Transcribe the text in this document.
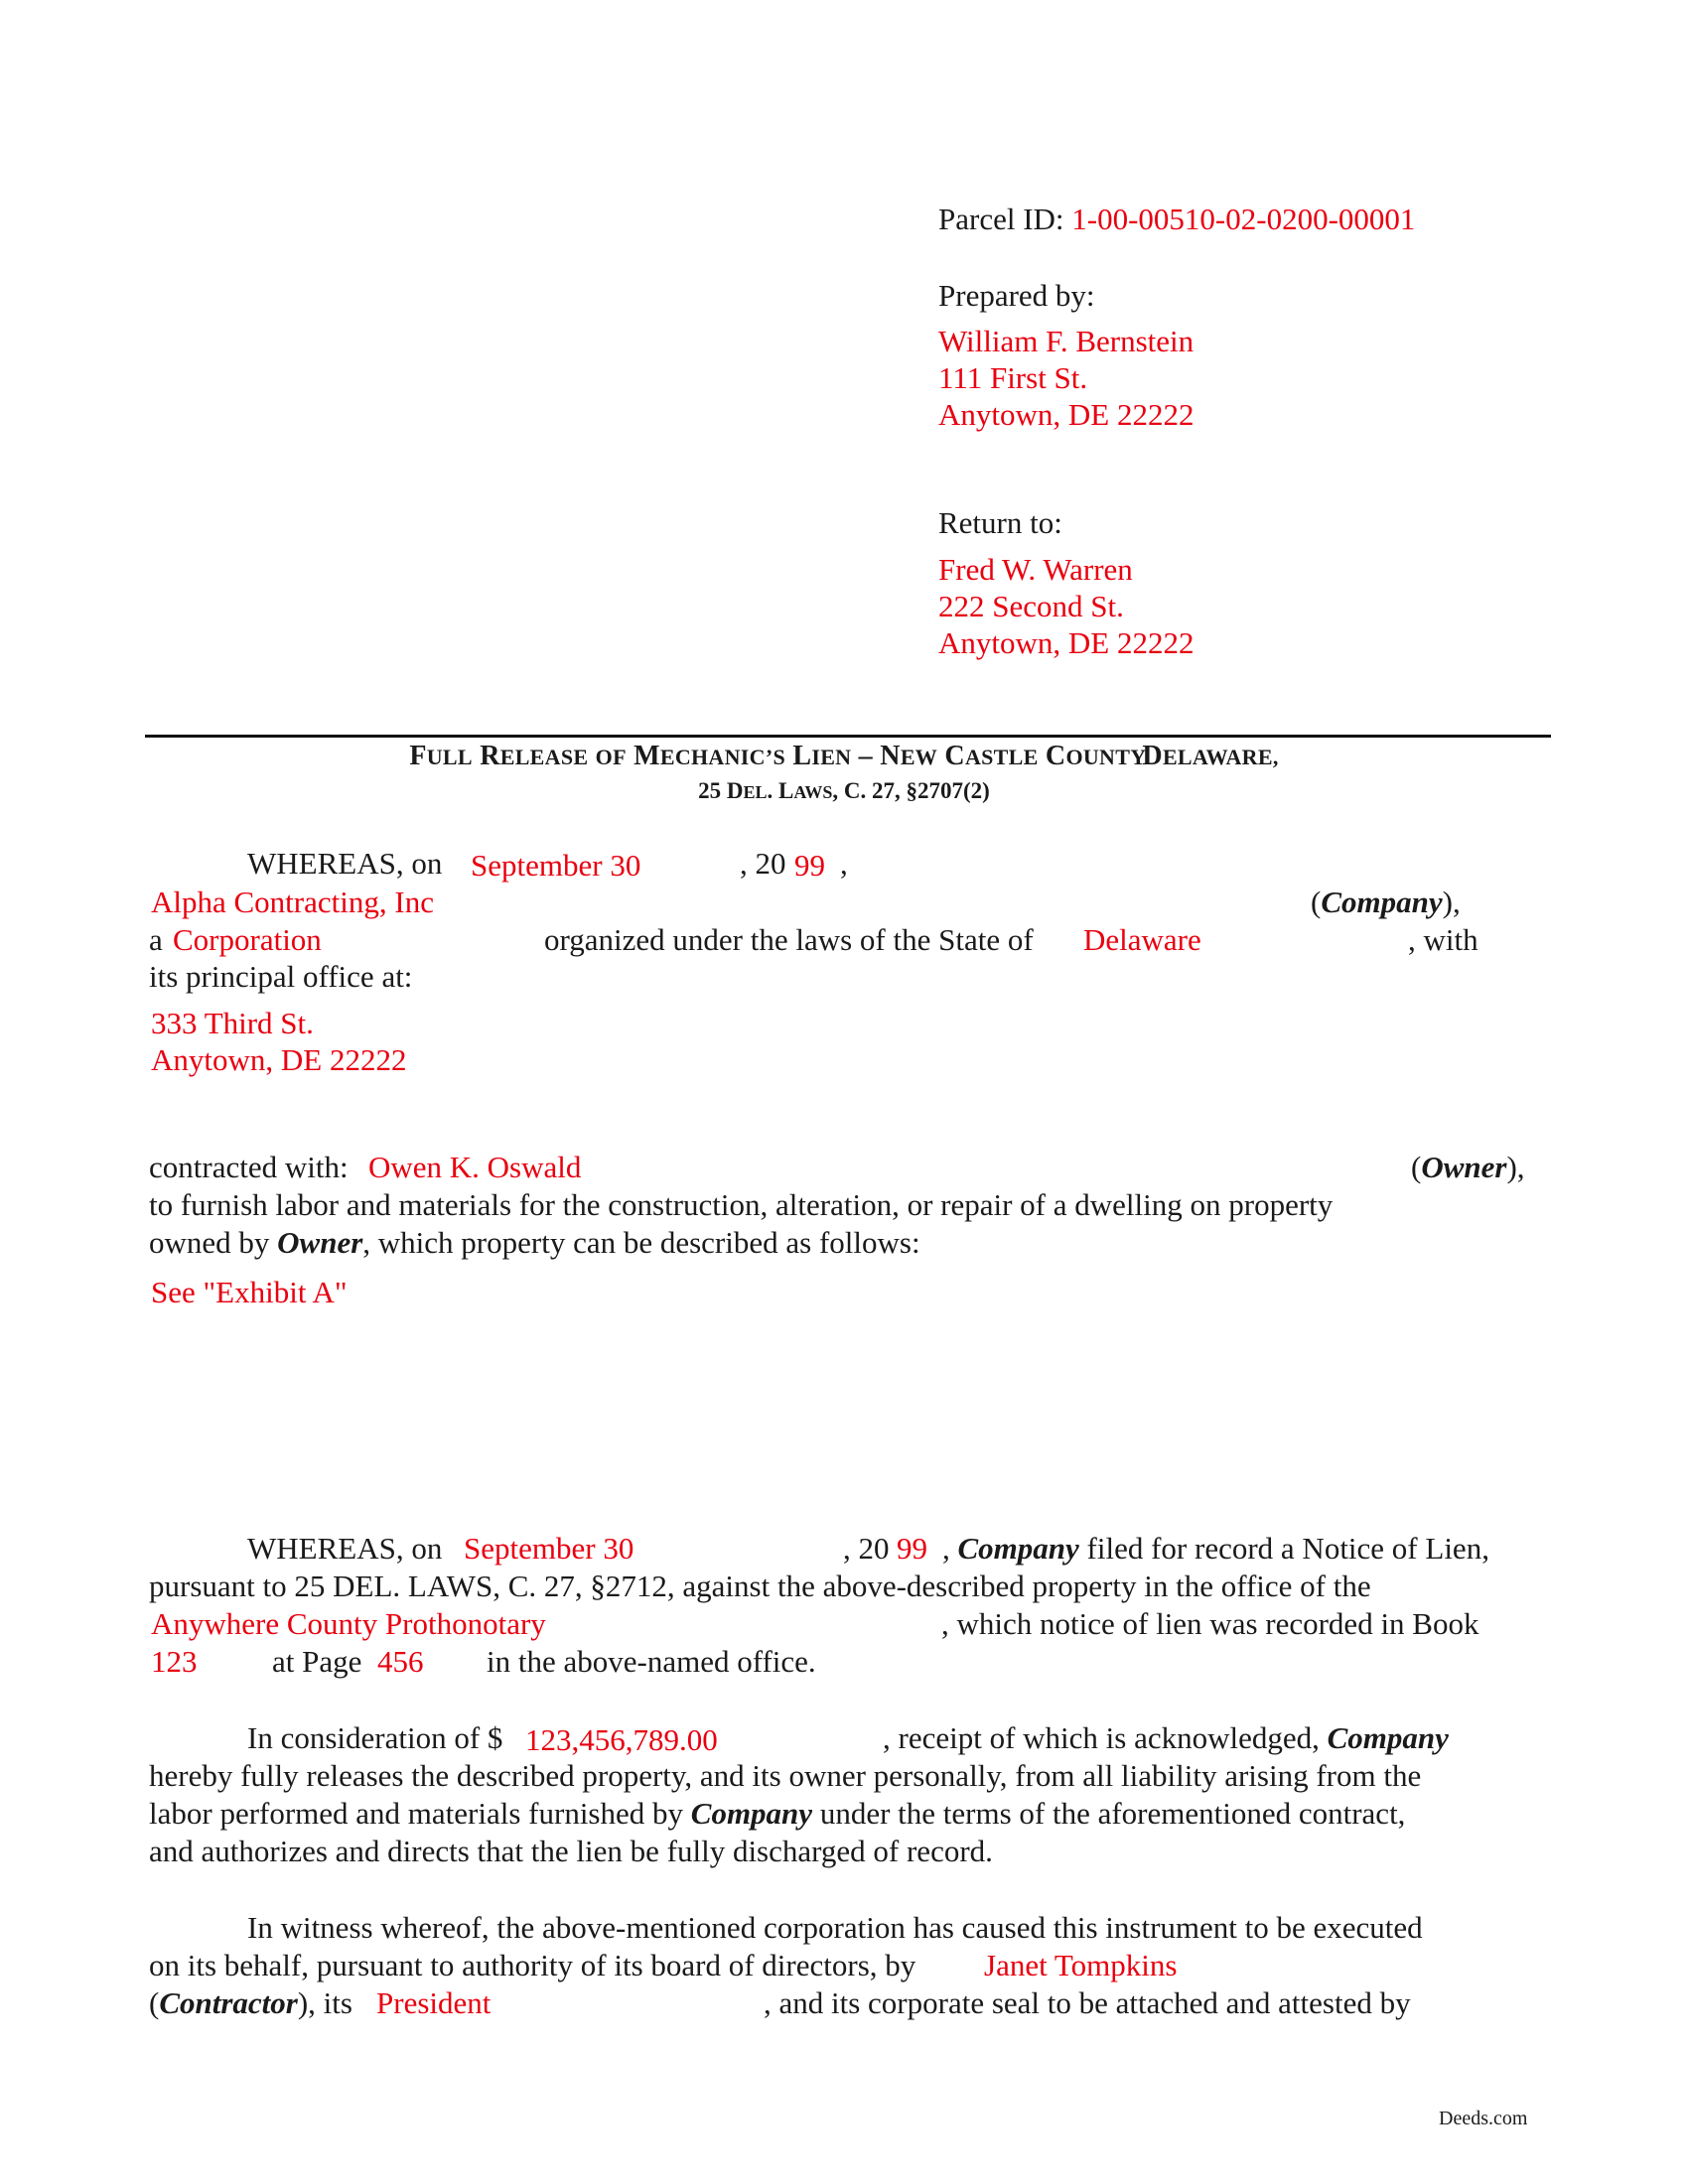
Parcel ID: 1-00-00510-02-0200-00001
Prepared by:
William F. Bernstein
111 First St.
Anytown, DE 22222
Return to:
Fred W. Warren
222 Second St.
Anytown, DE 22222
FULL RELEASE OF MECHANIC’S LIEN – NEW CASTLE COUNTYDELAWARE,
25 DEL. LAWS, C. 27, §2707(2)
WHEREAS, on September 30	, 20 99 ,
Alpha Contracting, Inc	(Company),
a Corporation	organized under the laws of the State of Delaware	, with
its principal office at:
333 Third St.
Anytown, DE 22222
contracted with: Owen K. Oswald	(Owner),
to furnish labor and materials for the construction, alteration, or repair of a dwelling on property
owned by Owner, which property can be described as follows:
See "Exhibit A"
WHEREAS, on September 30	, 20 99 , Company filed for record a Notice of Lien,
pursuant to 25 DEL. LAWS, C. 27, §2712, against the above-described property in the office of the
Anywhere County Prothonotary	, which notice of lien was recorded in Book
123 at Page 456 in the above-named office.
In consideration of $ 123,456,789.00	, receipt of which is acknowledged, Company
hereby fully releases the described property, and its owner personally, from all liability arising from the
labor performed and materials furnished by Company under the terms of the aforementioned contract,
and authorizes and directs that the lien be fully discharged of record.
In witness whereof, the above-mentioned corporation has caused this instrument to be executed
on its behalf, pursuant to authority of its board of directors, by Janet Tompkins
(Contractor), its President	, and its corporate seal to be attached and attested by
Deeds.com
